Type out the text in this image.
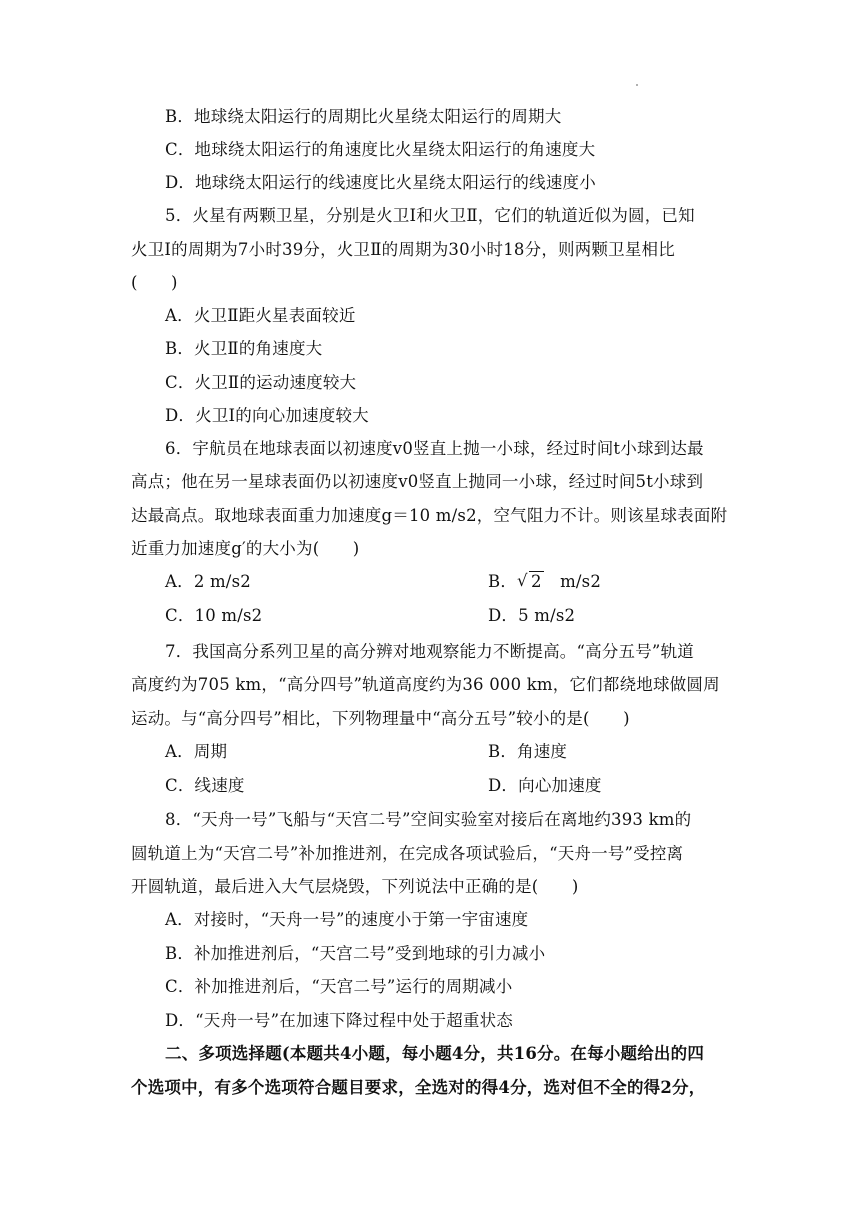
B．地球绕太阳运行的周期比火星绕太阳运行的周期大
C．地球绕太阳运行的角速度比火星绕太阳运行的角速度大
D．地球绕太阳运行的线速度比火星绕太阳运行的线速度小
5．火星有两颗卫星，分别是火卫Ⅰ和火卫Ⅱ，它们的轨道近似为圆，已知
火卫Ⅰ的周期为7小时39分，火卫Ⅱ的周期为30小时18分，则两颗卫星相比
(　　)
A．火卫Ⅱ距火星表面较近
B．火卫Ⅱ的角速度大
C．火卫Ⅱ的运动速度较大
D．火卫Ⅰ的向心加速度较大
6．宇航员在地球表面以初速度v0竖直上抛一小球，经过时间t小球到达最
高点；他在另一星球表面仍以初速度v0竖直上抛同一小球，经过时间5t小球到
达最高点。取地球表面重力加速度g＝10 m/s2，空气阻力不计。则该星球表面附
近重力加速度g′的大小为(　　)
A．2 m/s2	B．√ 2 m/s2
C．10 m/s2	D．5 m/s2
7．我国高分系列卫星的高分辨对地观察能力不断提高。“高分五号”轨道
高度约为705 km，“高分四号”轨道高度约为36 000 km，它们都绕地球做圆周
运动。与“高分四号”相比，下列物理量中“高分五号”较小的是(　　)
A．周期	B．角速度
C．线速度	D．向心加速度
8．“天舟一号”飞船与“天宫二号”空间实验室对接后在离地约393 km的
圆轨道上为“天宫二号”补加推进剂，在完成各项试验后，“天舟一号”受控离
开圆轨道，最后进入大气层烧毁，下列说法中正确的是(　　)
A．对接时，“天舟一号”的速度小于第一宇宙速度
B．补加推进剂后，“天宫二号”受到地球的引力减小
C．补加推进剂后，“天宫二号”运行的周期减小
D．“天舟一号”在加速下降过程中处于超重状态
二、多项选择题(本题共4小题，每小题4分，共16分。在每小题给出的四
个选项中，有多个选项符合题目要求，全选对的得4分，选对但不全的得2分，
